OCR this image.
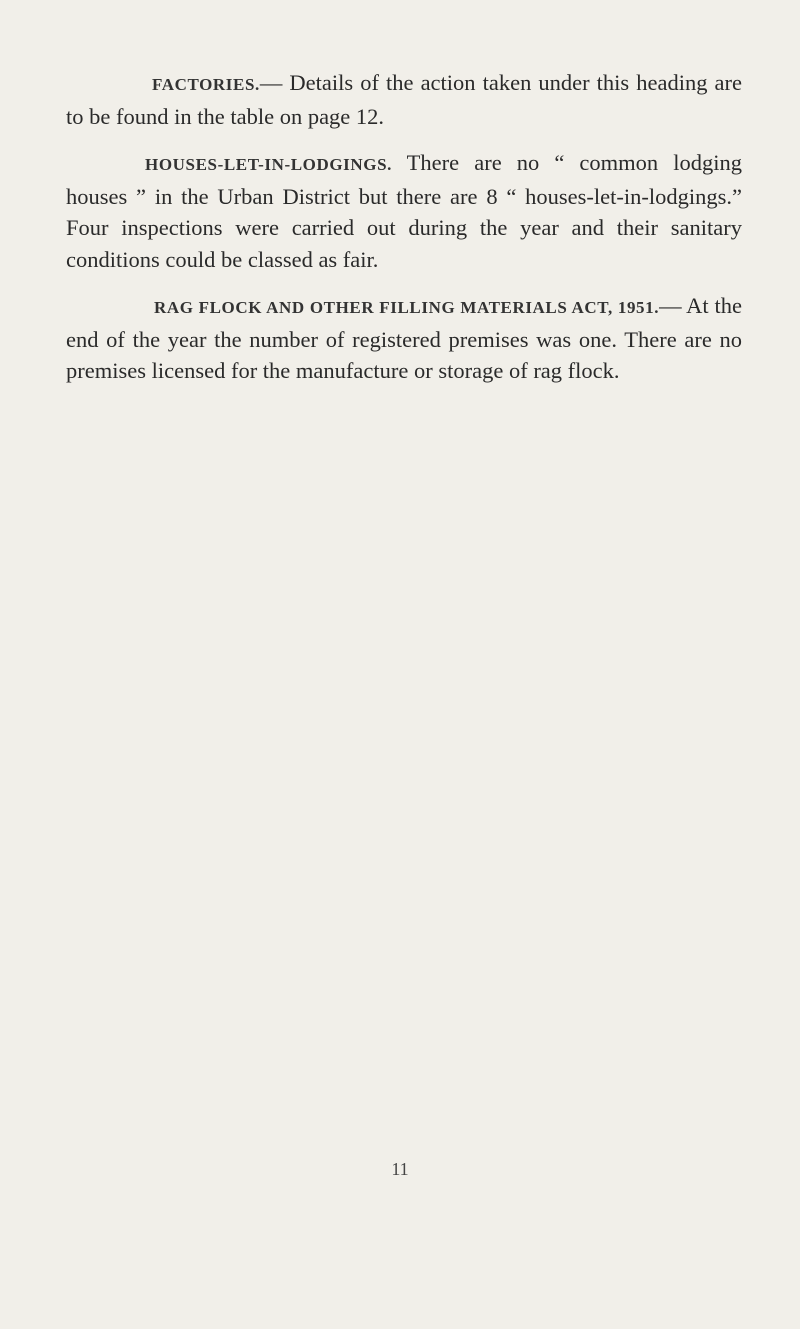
FACTORIES.— Details of the action taken under this heading are to be found in the table on page 12.

HOUSES-LET-IN-LODGINGS. There are no “ common lodging houses ” in the Urban District but there are 8 “ houses-let-in-lodgings.” Four inspections were carried out during the year and their sanitary conditions could be classed as fair.

RAG FLOCK AND OTHER FILLING MATERIALS ACT, 1951.— At the end of the year the number of registered premises was one. There are no premises licensed for the manufacture or storage of rag flock.

11
